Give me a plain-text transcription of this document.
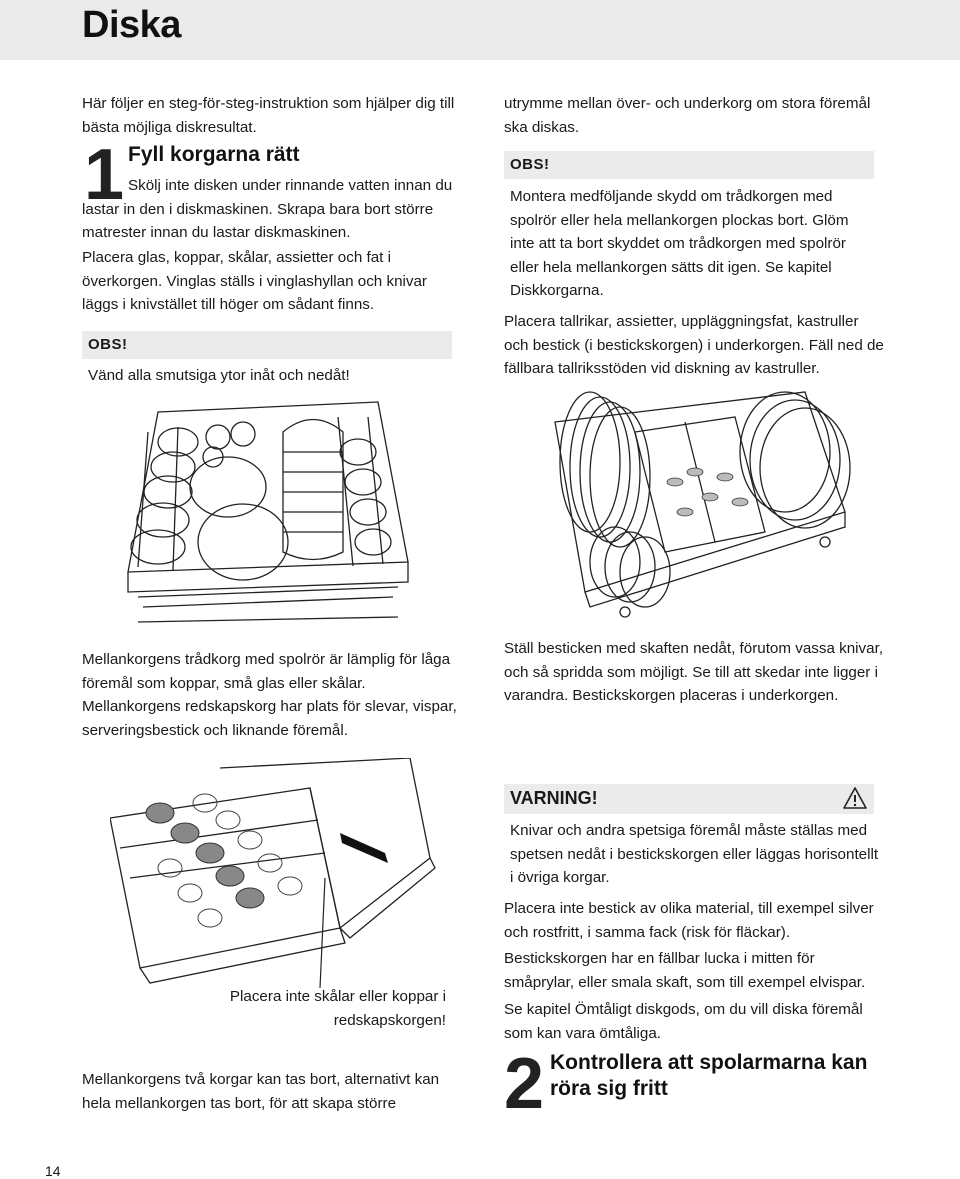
Diska

Här följer en steg-för-steg-instruktion som hjälper dig till bästa möjliga diskresultat.

1 Fyll korgarna rätt

Skölj inte disken under rinnande vatten innan du lastar in den i diskmaskinen. Skrapa bara bort större matrester innan du lastar diskmaskinen.

Placera glas, koppar, skålar, assietter och fat i överkorgen. Vinglas ställs i vinglashyllan och knivar läggs i knivstället till höger om sådant finns.

OBS!

Vänd alla smutsiga ytor inåt och nedåt!

Mellankorgens trådkorg med spolrör är lämplig för låga föremål som koppar, små glas eller skålar. Mellankorgens redskapskorg har plats för slevar, vispar, serveringsbestick och liknande föremål.

Placera inte skålar eller koppar i redskapskorgen!

Mellankorgens två korgar kan tas bort, alternativt kan hela mellankorgen tas bort, för att skapa större

utrymme mellan över- och underkorg om stora föremål ska diskas.

OBS!

Montera medföljande skydd om trådkorgen med spolrör eller hela mellankorgen plockas bort. Glöm inte att ta bort skyddet om trådkorgen med spolrör eller hela mellankorgen sätts dit igen. Se kapitel Diskkorgarna.

Placera tallrikar, assietter, uppläggningsfat, kastruller och bestick (i bestickskorgen) i underkorgen. Fäll ned de fällbara tallriksstöden vid diskning av kastruller.

Ställ besticken med skaften nedåt, förutom vassa knivar, och så spridda som möjligt. Se till att skedar inte ligger i varandra. Bestickskorgen placeras i underkorgen.

VARNING!

Knivar och andra spetsiga föremål måste ställas med spetsen nedåt i bestickskorgen eller läggas horisontellt i övriga korgar.

Placera inte bestick av olika material, till exempel silver och rostfritt, i samma fack (risk för fläckar).

Bestickskorgen har en fällbar lucka i mitten för småprylar, eller smala skaft, som till exempel elvispar.

Se kapitel Ömtåligt diskgods, om du vill diska föremål som kan vara ömtåliga.

2 Kontrollera att spolarmarna kan röra sig fritt
14
